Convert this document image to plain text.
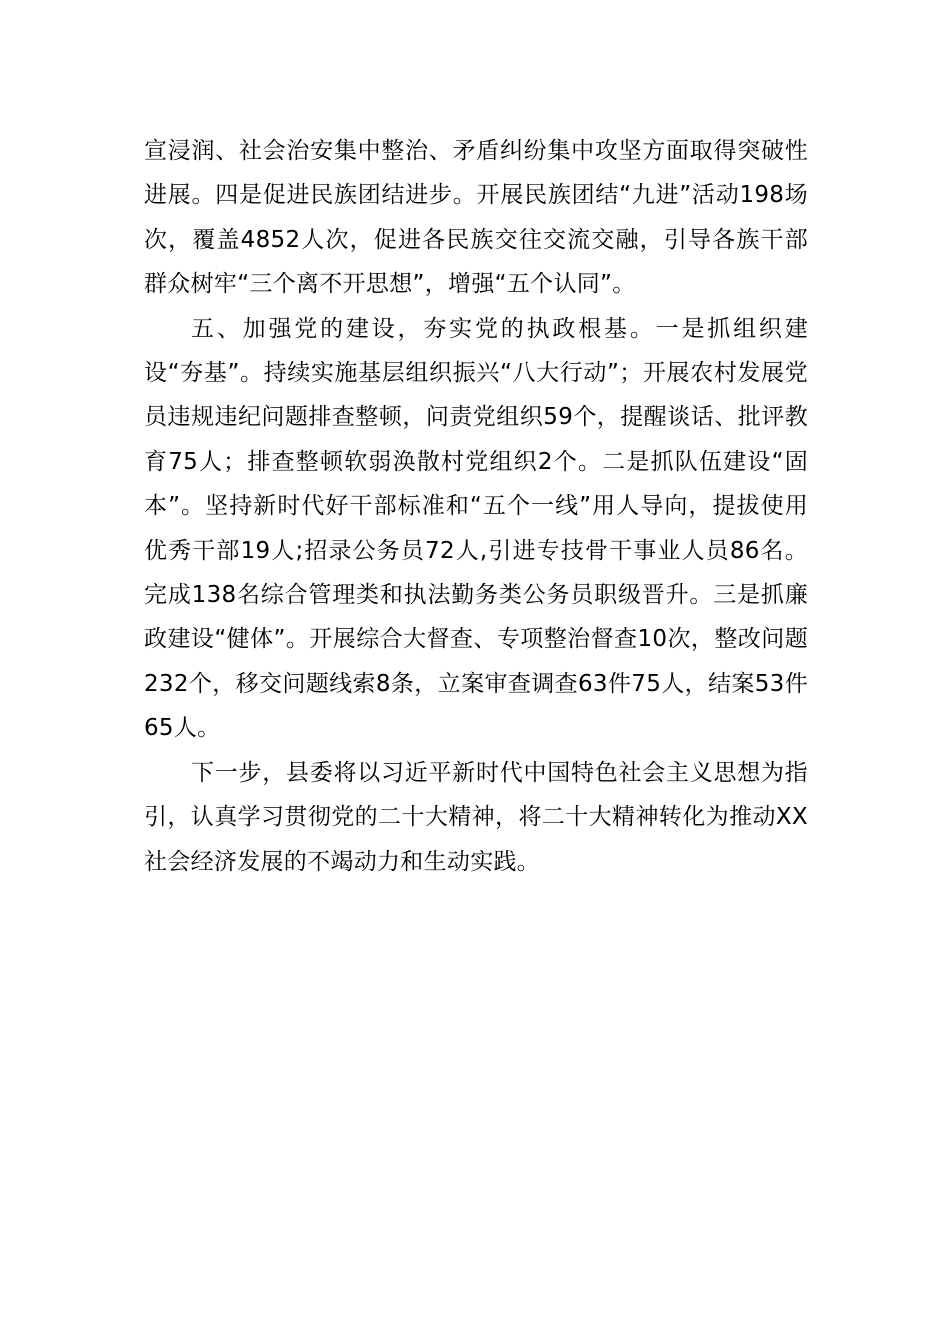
宣浸润、社会治安集中整治、矛盾纠纷集中攻坚方面取得突破性进展。四是促进民族团结进步。开展民族团结“九进”活动198场次，覆盖4852人次，促进各民族交往交流交融，引导各族干部群众树牢“三个离不开思想”，增强“五个认同”。

五、加强党的建设，夯实党的执政根基。一是抓组织建设“夯基”。持续实施基层组织振兴“八大行动”；开展农村发展党员违规违纪问题排查整顿，问责党组织59个，提醒谈话、批评教育75人；排查整顿软弱涣散村党组织2个。二是抓队伍建设“固本”。坚持新时代好干部标准和“五个一线”用人导向，提拔使用优秀干部19人;招录公务员72人,引进专技骨干事业人员86名。完成138名综合管理类和执法勤务类公务员职级晋升。三是抓廉政建设“健体”。开展综合大督查、专项整治督查10次，整改问题232个，移交问题线索8条，立案审查调查63件75人，结案53件65人。

下一步，县委将以习近平新时代中国特色社会主义思想为指引，认真学习贯彻党的二十大精神，将二十大精神转化为推动XX社会经济发展的不竭动力和生动实践。
